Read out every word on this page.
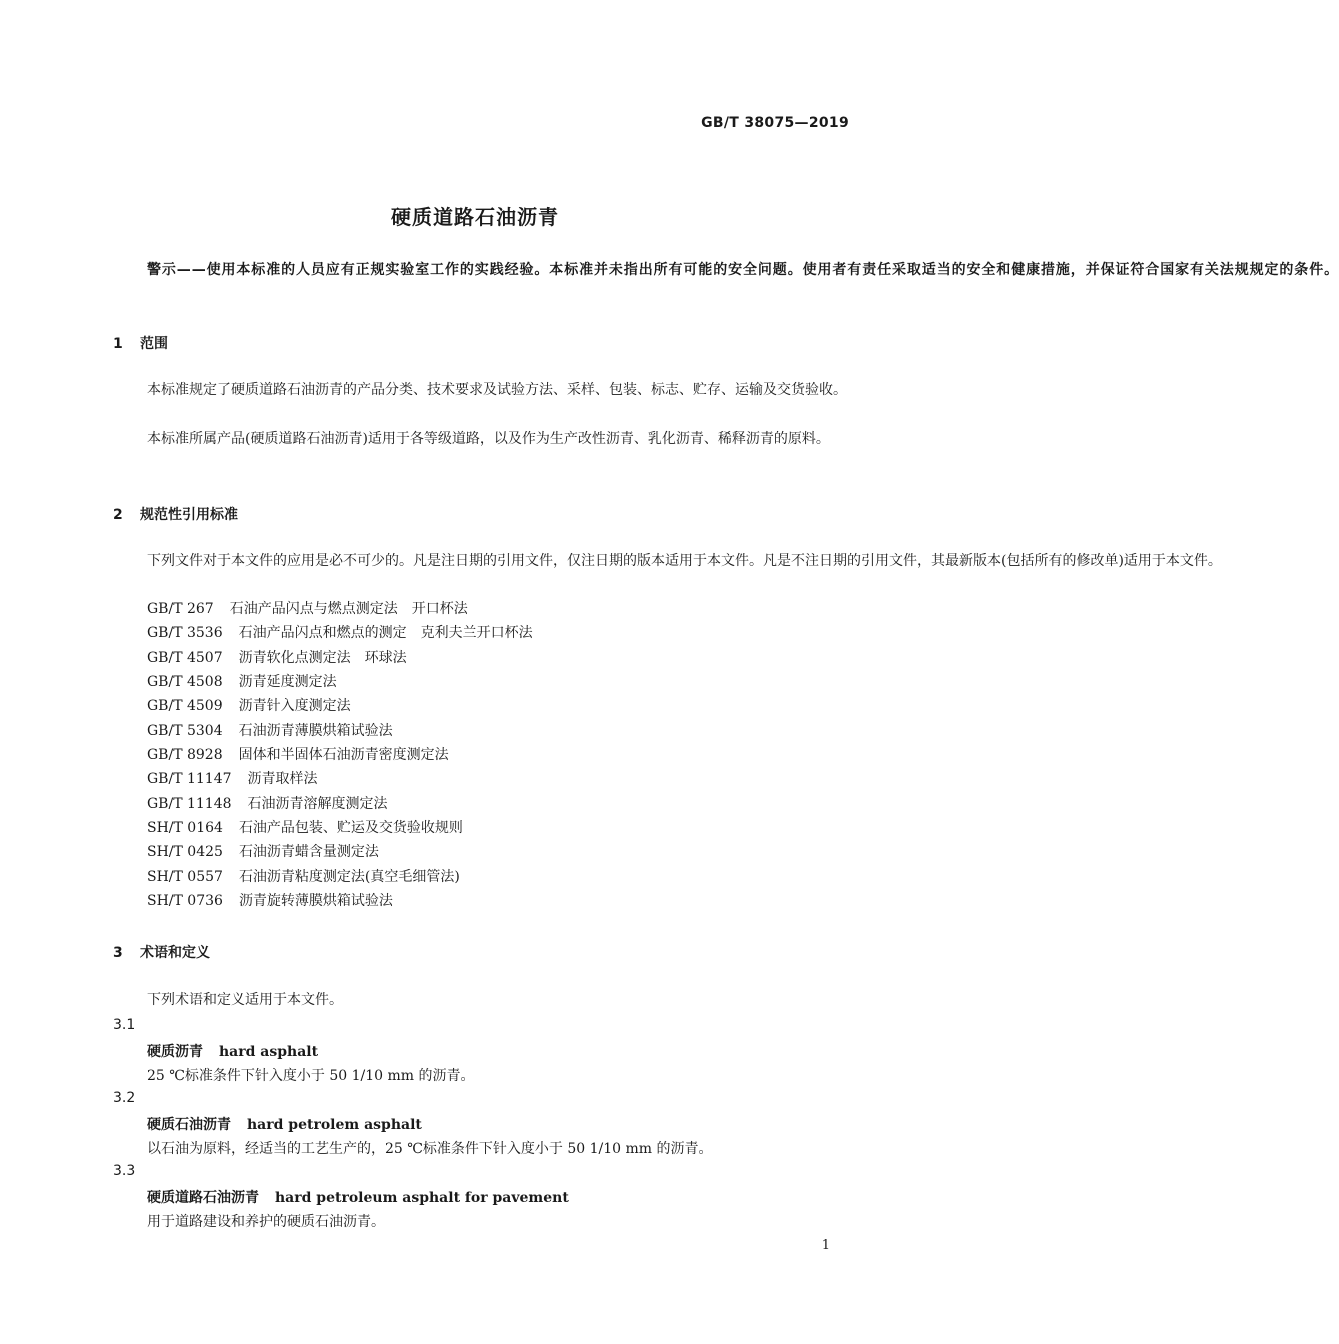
GB/T 38075—2019
硬质道路石油沥青
警示——使用本标准的人员应有正规实验室工作的实践经验。本标准并未指出所有可能的安全问题。使用者有责任采取适当的安全和健康措施，并保证符合国家有关法规规定的条件。
1 范围
本标准规定了硬质道路石油沥青的产品分类、技术要求及试验方法、采样、包装、标志、贮存、运输及交货验收。
本标准所属产品(硬质道路石油沥青)适用于各等级道路，以及作为生产改性沥青、乳化沥青、稀释沥青的原料。
2 规范性引用标准
下列文件对于本文件的应用是必不可少的。凡是注日期的引用文件，仅注日期的版本适用于本文件。凡是不注日期的引用文件，其最新版本(包括所有的修改单)适用于本文件。
GB/T 267 石油产品闪点与燃点测定法　开口杯法
GB/T 3536 石油产品闪点和燃点的测定　克利夫兰开口杯法
GB/T 4507 沥青软化点测定法　环球法
GB/T 4508 沥青延度测定法
GB/T 4509 沥青针入度测定法
GB/T 5304 石油沥青薄膜烘箱试验法
GB/T 8928 固体和半固体石油沥青密度测定法
GB/T 11147 沥青取样法
GB/T 11148 石油沥青溶解度测定法
SH/T 0164 石油产品包装、贮运及交货验收规则
SH/T 0425 石油沥青蜡含量测定法
SH/T 0557 石油沥青粘度测定法(真空毛细管法)
SH/T 0736 沥青旋转薄膜烘箱试验法
3 术语和定义
下列术语和定义适用于本文件。
3.1
硬质沥青 hard asphalt
25 ℃标准条件下针入度小于 50 1/10 mm 的沥青。
3.2
硬质石油沥青 hard petrolem asphalt
以石油为原料，经适当的工艺生产的，25 ℃标准条件下针入度小于 50 1/10 mm 的沥青。
3.3
硬质道路石油沥青 hard petroleum asphalt for pavement
用于道路建设和养护的硬质石油沥青。
1
